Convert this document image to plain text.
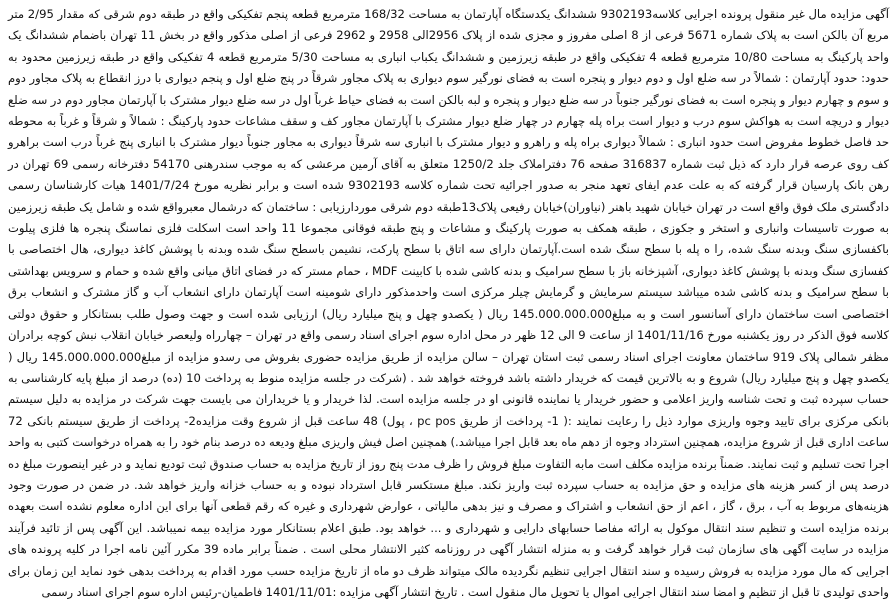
آگهی مزایده مال غیر منقول پرونده اجرایی کلاسه9302193 ششدانگ یکدستگاه آپارتمان به مساحت 168/32 مترمربع قطعه پنجم تفکیکی واقع در طبقه دوم شرقی که مقدار 2/95 متر مربع آن بالکن است به پلاک شماره 5671 فرعی از 8 اصلی مفروز و مجزی شده از پلاک 2956الی 2958 و 2962 فرعی از اصلی مذکور واقع در بخش 11 تهران باضمام ششدانگ یک واحد پارکینگ به مساحت 10/80 مترمربع قطعه 4 تفکیکی واقع در طبقه زیرزمین و ششدانگ یکباب انباری به مساحت 5/30 مترمربع قطعه 4 تفکیکی واقع در طبقه زیرزمین محدود به حدود: حدود آپارتمان : شمالاً در سه ضلع اول و دوم دیوار و پنجره است به فضای نورگیر سوم دیواری به پلاک مجاور شرقاً در پنج ضلع اول و پنجم دیواری با درز انقطاع به پلاک مجاور دوم و سوم و چهارم دیوار و پنجره است به فضای نورگیر جنوباً در سه ضلع دیوار و پنجره و لبه بالکن است به فضای حیاط غرباً اول در سه ضلع دیوار مشترک با آپارتمان مجاور دوم در سه ضلع دیوار و دریچه است به هواکش سوم درب و دیوار است براه پله چهارم در چهار ضلع دیوار مشترک با آپارتمان مجاور کف و سقف مشاعات حدود پارکینگ : شمالاً و شرقاً و غرباً به محوطه حد فاصل خطوط مفروض است حدود انباری : شمالاً دیواری براه پله و راهرو و دیوار مشترک با انباری سه شرقاً دیواری به مجاور جنوباً دیوار مشترک با انباری پنج غرباً درب است براهرو کف روی عرصه قرار دارد که ذیل ثبت شماره 316837 صفحه 76 دفتراملاک جلد 1250/2 متعلق به آقای آرمین مرعشی که به موجب سندرهنی 54170 دفترخانه رسمی 69 تهران در رهن بانک پارسیان قرار گرفته که به علت عدم ایفای تعهد منجر به صدور اجرائیه تحت شماره کلاسه 9302193 شده است و برابر نظریه مورخ 1401/7/24 هیات کارشناسان رسمی دادگستری ملک فوق واقع است در تهران خیابان شهید باهنر (نیاوران)خیابان رفیعی پلاک13طبقه دوم شرقی موردارزیابی : ساختمان که درشمال معبرواقع شده و شامل یک طبقه زیرزمین به صورت تاسیسات وانباری و استخر و جکوزی ، طبقه همکف به صورت پارکینگ و مشاعات و پنج طبقه فوقانی مجموعا 11 واحد است اسکلت فلزی نماسنگ پنجره ها فلزی پیلوت باکفسازی سنگ وبدنه سنگ شده، را ه پله با سطح سنگ شده است.آپارتمان دارای سه اتاق با سطح پارکت، نشیمن باسطح سنگ شده وبدنه با پوشش کاغذ دیواری، هال اختصاصی با کفسازی سنگ وبدنه با پوشش کاغذ دیواری، آشپزخانه باز با سطح سرامیک و بدنه کاشی شده با کابینت MDF ، حمام مستر که در فضای اتاق میانی واقع شده و حمام و سرویس بهداشتی با سطح سرامیک و بدنه کاشی شده میباشد سیستم سرمایش و گرمایش چیلر مرکزی است واحدمذکور دارای شومینه است آپارتمان دارای انشعاب آب و گاز مشترک و انشعاب برق اختصاصی است ساختمان دارای آسانسور است و به مبلغ145.000.000.000 ریال ( یکصدو چهل و پنج میلیارد ریال) ارزیابی شده است و جهت وصول طلب بستانکار و حقوق دولتی کلاسه فوق الذکر در روز یکشنبه مورخ 1401/11/16 از ساعت 9 الی 12 ظهر در محل اداره سوم اجرای اسناد رسمی واقع در تهران – چهارراه ولیعصر خیابان انقلاب نبش کوچه برادران مظفر شمالی پلاک 919 ساختمان معاونت اجرای اسناد رسمی ثبت استان تهران – سالن مزایده از طریق مزایده حضوری بفروش می رسدو مزایده از مبلغ145.000.000.000 ریال ( یکصدو چهل و پنج میلیارد ریال) شروع و به بالاترین قیمت که خریدار داشته باشد فروخته خواهد شد . (شرکت در جلسه مزایده منوط به پرداخت 10 (ده) درصد از مبلغ پایه کارشناسی به حساب سپرده ثبت و تحت شناسه واریز اعلامی و حضور خریدار یا نماینده قانونی او در جلسه مزایده است. لذا خریدار و یا خریداران می بایست جهت شرکت در مزایده به دلیل سیستم بانکی مرکزی برای تایید وجوه واریزی موارد ذیل را رعایت نمایند :( 1- پرداخت از طریق pc pos ، پول) 48 ساعت قبل از شروع وقت مزایده2- پرداخت از طریق سیستم بانکی 72 ساعت اداری قبل از شروع مزایده، همچنین استرداد وجوه از دهم ماه بعد قابل اجرا میباشد.) همچنین اصل فیش واریزی مبلغ ودیعه ده درصد بنام خود را به همراه درخواست کتبی به واحد اجرا تحت تسلیم و ثبت نمایند. ضمناً برنده مزایده مکلف است مابه التفاوت مبلغ فروش را ظرف مدت پنج روز از تاریخ مزایده به حساب صندوق ثبت تودیع نماید و در غیر اینصورت مبلغ ده درصد پس از کسر هزینه های مزایده و حق مزایده به حساب سپرده ثبت واریز نکند. مبلغ مستکسر قابل استرداد نبوده و به حساب خزانه واریز خواهد شد. در ضمن در صورت وجود هزینه‌های مربوط به آب ، برق ، گاز ، اعم از حق انشعاب و اشتراک و مصرف و نیز بدهی مالیاتی ، عوارض شهرداری و غیره که رقم قطعی آنها برای این اداره معلوم نشده است بعهده برنده مزایده است و تنظیم سند انتقال موکول به ارائه مفاصا حسابهای دارایی و شهرداری و ... خواهد بود. طبق اعلام بستانکار مورد مزایده بیمه نمیباشد. این آگهی پس از تائید فرآیند مزایده در سایت آگهی های سازمان ثبت قرار خواهد گرفت و به منزله انتشار آگهی در روزنامه کثیر الانتشار محلی است . ضمناً برابر ماده 39 مکرر آئین نامه اجرا در کلیه پرونده های اجرایی که مال مورد مزایده به فروش رسیده و سند انتقال اجرایی تنظیم نگردیده مالک میتواند ظرف دو ماه از تاریخ مزایده حسب مورد اقدام به پرداخت بدهی خود نماید این زمان برای واحدی تولیدی تا قبل از تنظیم و امضا سند انتقال اجرایی اموال یا تحویل مال منقول است . تاریخ انتشار آگهی مزایده :1401/11/01 فاطمیان-رئیس اداره سوم اجرای اسناد رسمی
